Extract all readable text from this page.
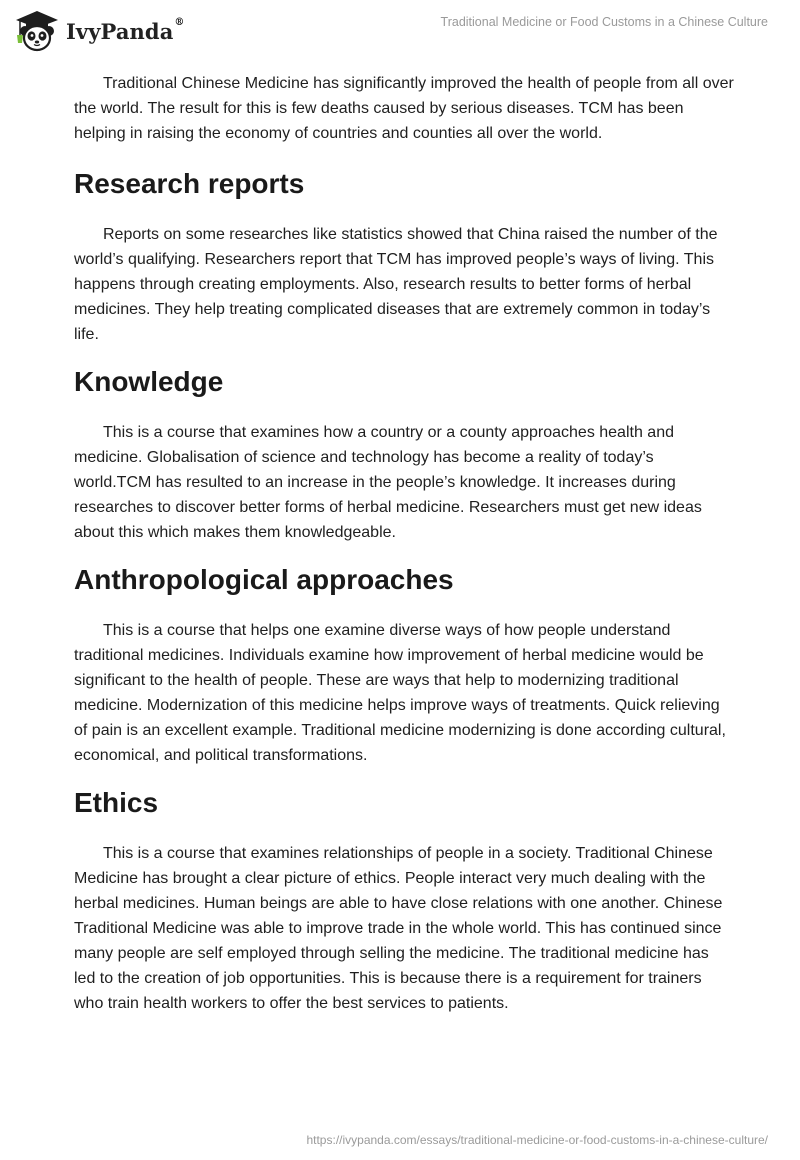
IvyPanda®	Traditional Medicine or Food Customs in a Chinese Culture

Traditional Chinese Medicine has significantly improved the health of people from all over the world. The result for this is few deaths caused by serious diseases. TCM has been helping in raising the economy of countries and counties all over the world.

Research reports

Reports on some researches like statistics showed that China raised the number of the world’s qualifying. Researchers report that TCM has improved people’s ways of living. This happens through creating employments. Also, research results to better forms of herbal medicines. They help treating complicated diseases that are extremely common in today’s life.

Knowledge

This is a course that examines how a country or a county approaches health and medicine. Globalisation of science and technology has become a reality of today’s world.TCM has resulted to an increase in the people’s knowledge. It increases during researches to discover better forms of herbal medicine. Researchers must get new ideas about this which makes them knowledgeable.

Anthropological approaches

This is a course that helps one examine diverse ways of how people understand traditional medicines. Individuals examine how improvement of herbal medicine would be significant to the health of people. These are ways that help to modernizing traditional medicine. Modernization of this medicine helps improve ways of treatments. Quick relieving of pain is an excellent example. Traditional medicine modernizing is done according cultural, economical, and political transformations.

Ethics

This is a course that examines relationships of people in a society. Traditional Chinese Medicine has brought a clear picture of ethics. People interact very much dealing with the herbal medicines. Human beings are able to have close relations with one another. Chinese Traditional Medicine was able to improve trade in the whole world. This has continued since many people are self employed through selling the medicine. The traditional medicine has led to the creation of job opportunities. This is because there is a requirement for trainers who train health workers to offer the best services to patients.

https://ivypanda.com/essays/traditional-medicine-or-food-customs-in-a-chinese-culture/
